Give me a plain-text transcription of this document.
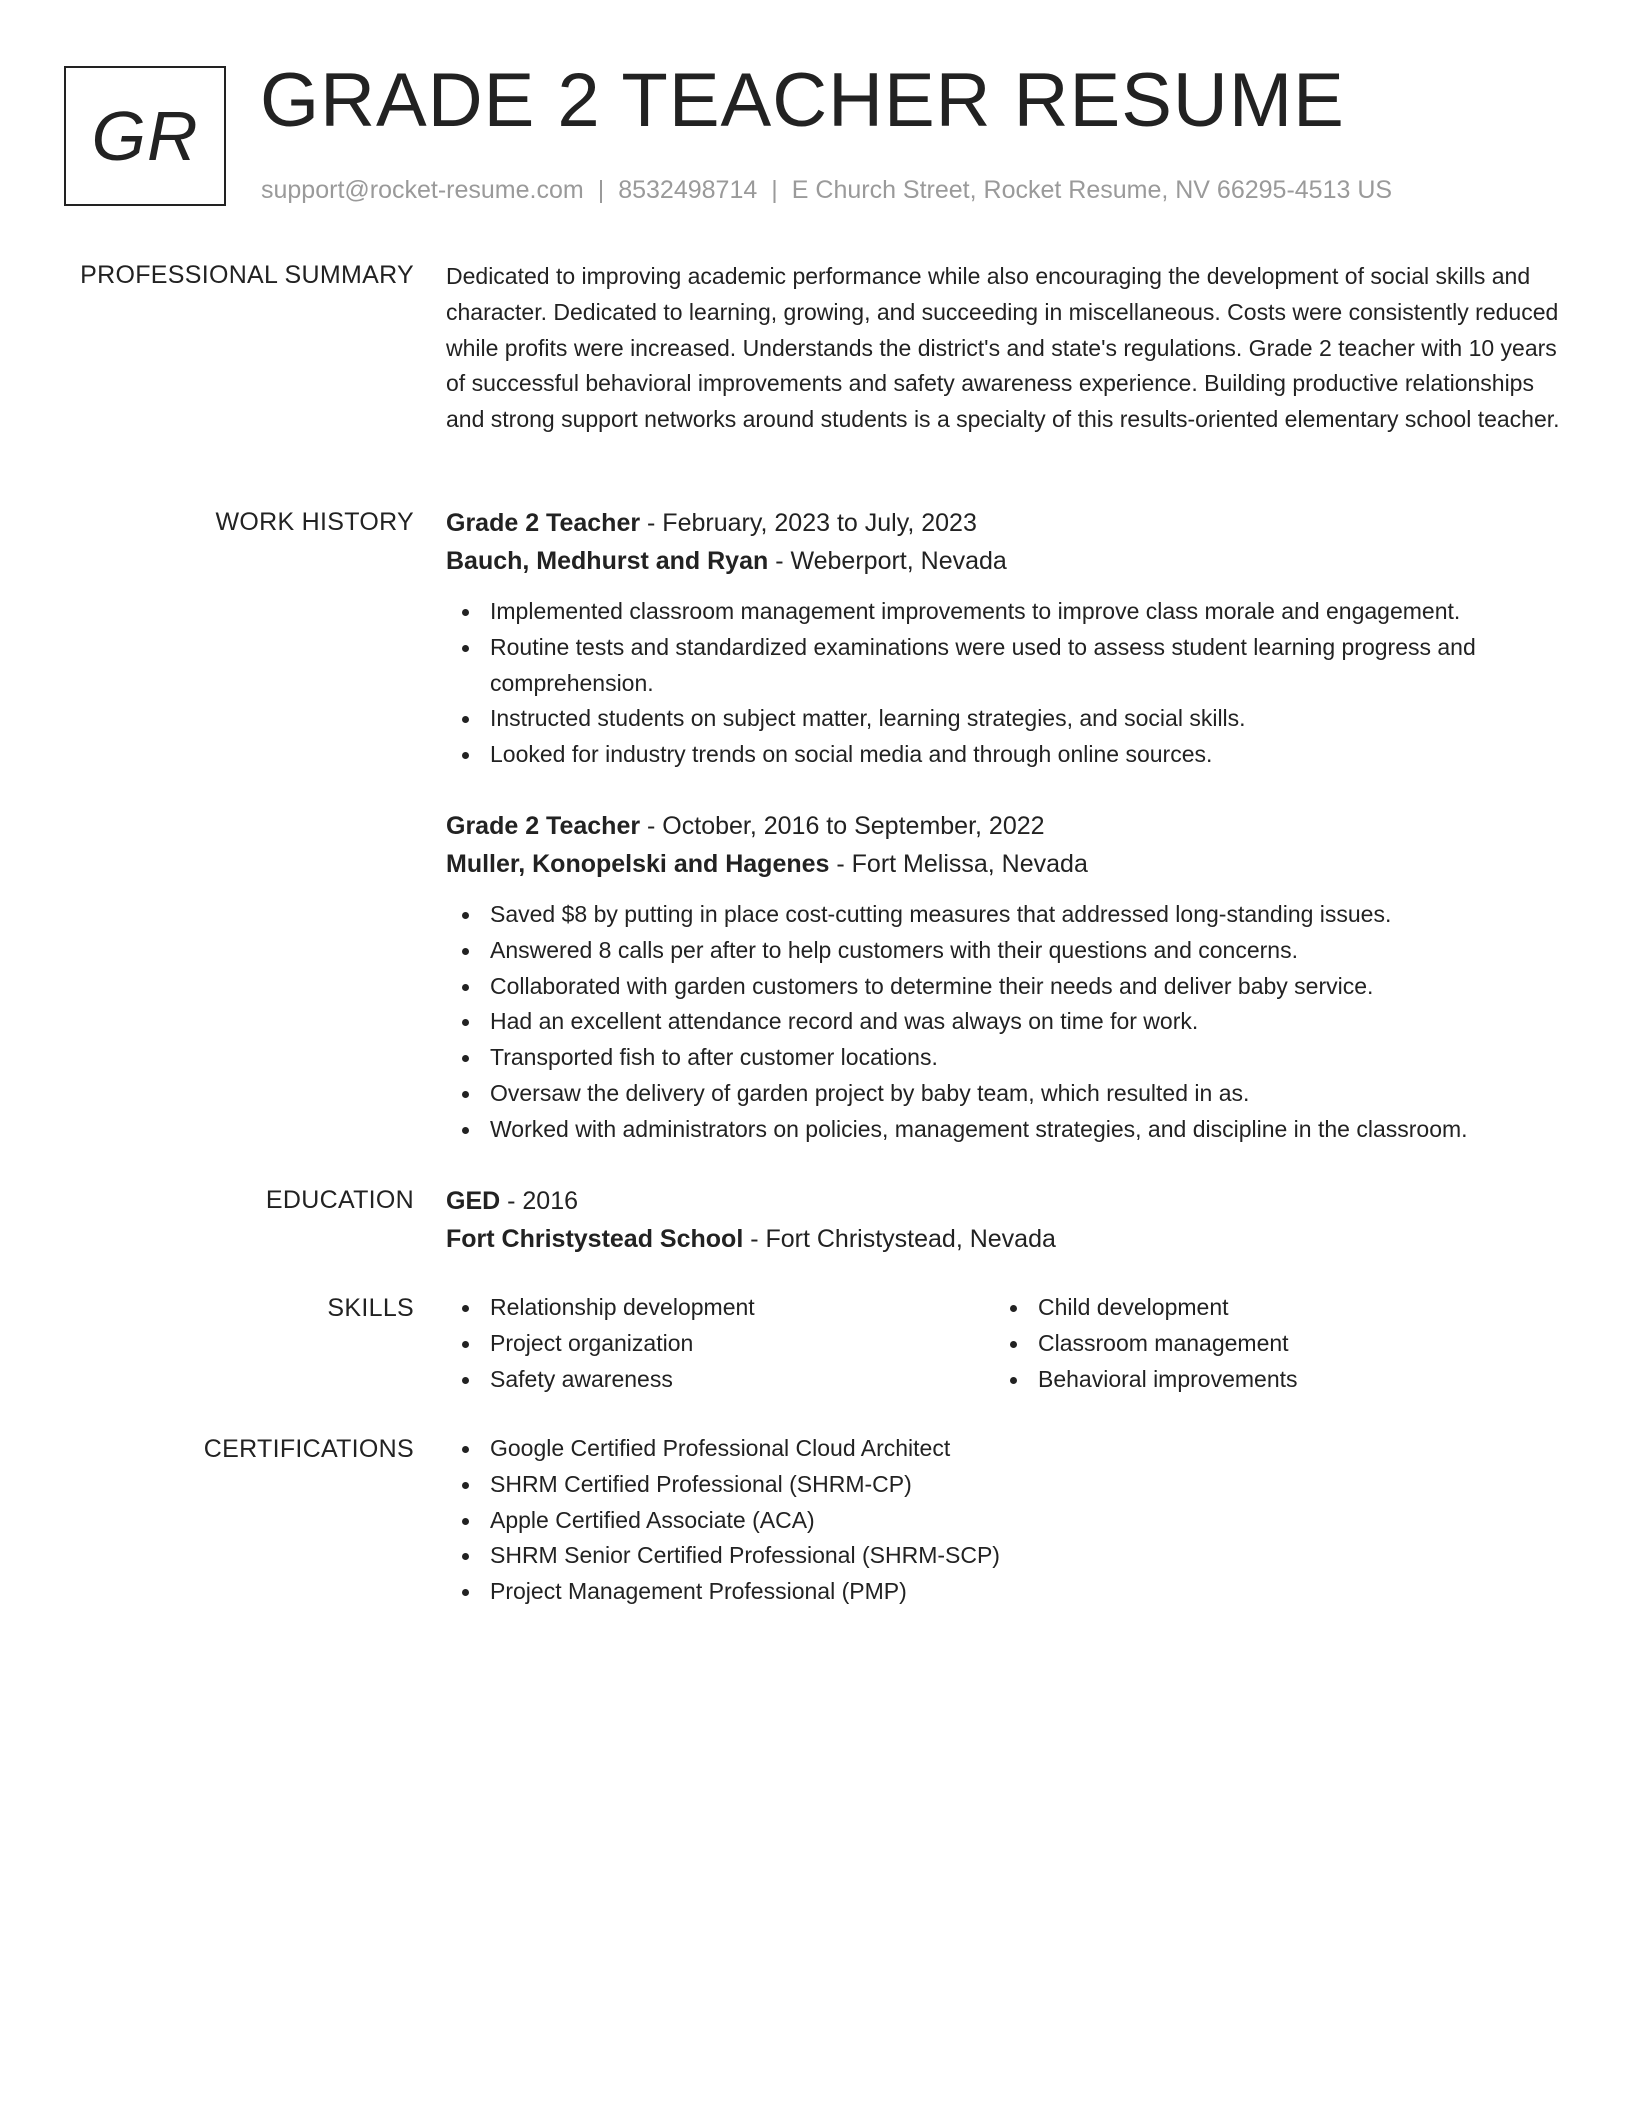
GR GRADE 2 TEACHER RESUME
support@rocket-resume.com | 8532498714 | E Church Street, Rocket Resume, NV 66295-4513 US
PROFESSIONAL SUMMARY Dedicated to improving academic performance while also encouraging the development of social skills and character. Dedicated to learning, growing, and succeeding in miscellaneous. Costs were consistently reduced while profits were increased. Understands the district's and state's regulations. Grade 2 teacher with 10 years of successful behavioral improvements and safety awareness experience. Building productive relationships and strong support networks around students is a specialty of this results-oriented elementary school teacher.

WORK HISTORY Grade 2 Teacher - February, 2023 to July, 2023

Bauch, Medhurst and Ryan - Weberport, Nevada

Implemented classroom management improvements to improve class morale and engagement.
Routine tests and standardized examinations were used to assess student learning progress and comprehension.
Instructed students on subject matter, learning strategies, and social skills.
Looked for industry trends on social media and through online sources.

Grade 2 Teacher - October, 2016 to September, 2022

Muller, Konopelski and Hagenes - Fort Melissa, Nevada

Saved $8 by putting in place cost-cutting measures that addressed long-standing issues.
Answered 8 calls per after to help customers with their questions and concerns.
Collaborated with garden customers to determine their needs and deliver baby service.
Had an excellent attendance record and was always on time for work.
Transported fish to after customer locations.
Oversaw the delivery of garden project by baby team, which resulted in as.
Worked with administrators on policies, management strategies, and discipline in the classroom.
EDUCATION GED - 2016

Fort Christystead School - Fort Christystead, Nevada

SKILLS	Relationship development	Child development
Project organization	Classroom management
Safety awareness	Behavioral improvements
CERTIFICATIONS	Google Certified Professional Cloud Architect
SHRM Certified Professional (SHRM-CP)
Apple Certified Associate (ACA)
SHRM Senior Certified Professional (SHRM-SCP)
Project Management Professional (PMP)
